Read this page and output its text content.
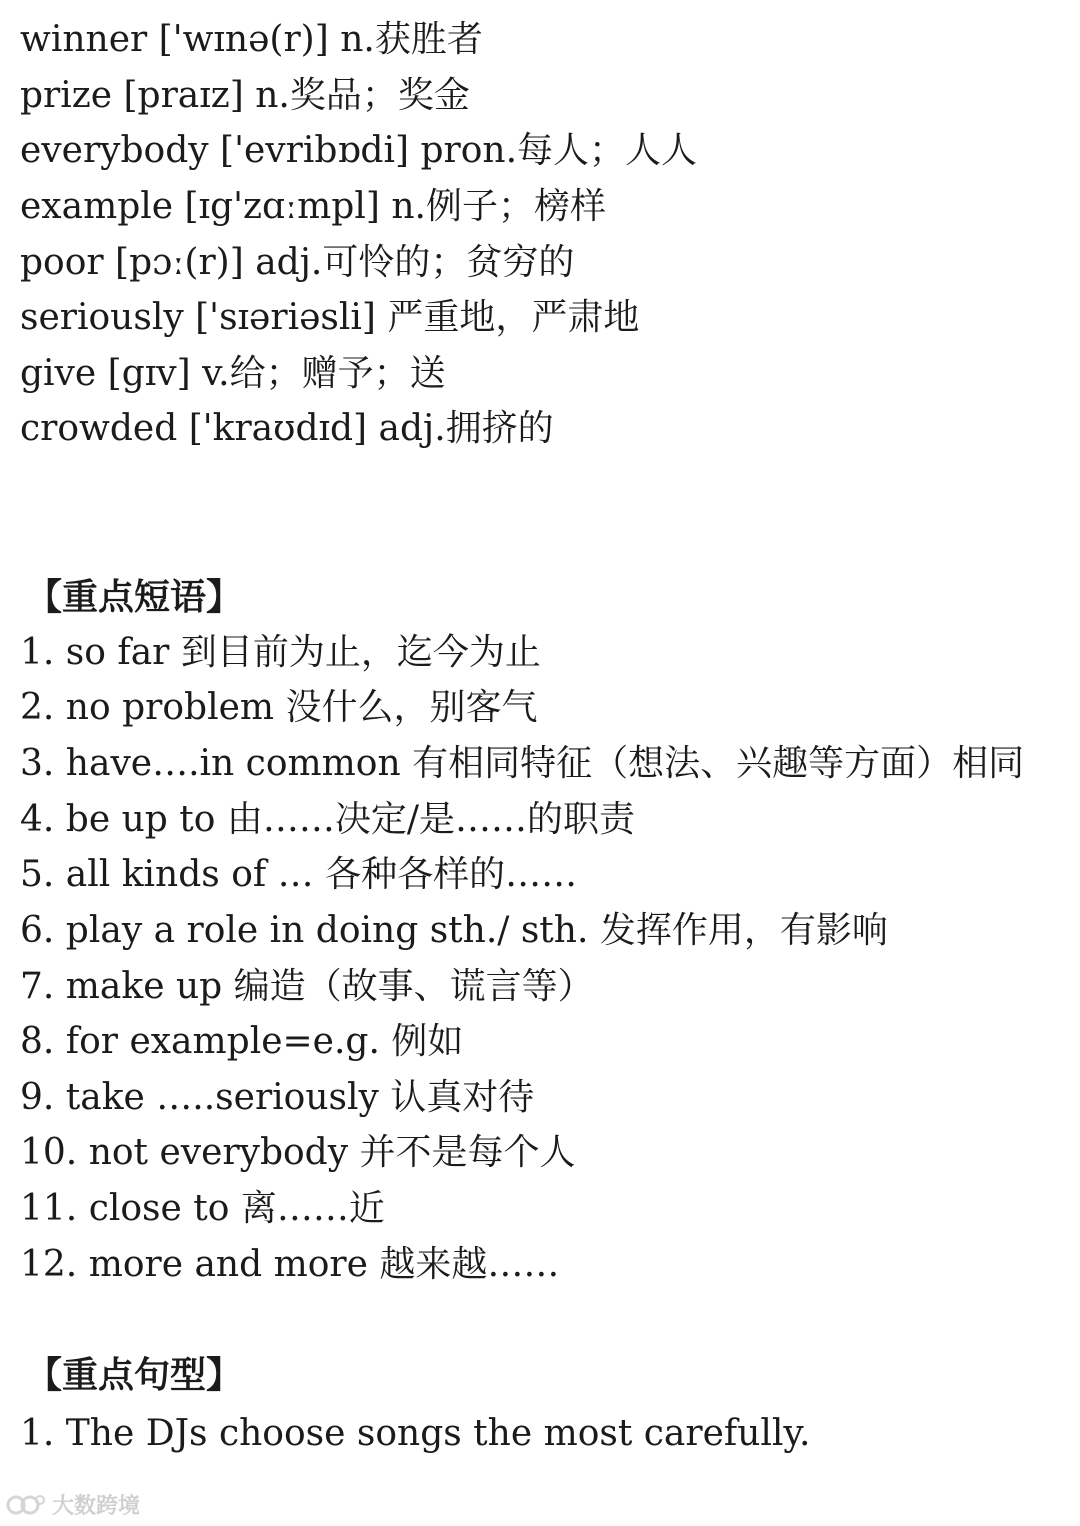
winner ['wɪnə(r)] n.获胜者
prize [praɪz] n.奖品；奖金
everybody ['evribɒdi] pron.每人；人人
example [ɪg'zɑːmpl] n.例子；榜样
poor [pɔː(r)] adj.可怜的；贫穷的
seriously ['sɪəriəsli] 严重地，严肃地
give [gɪv] v.给；赠予；送
crowded ['kraʊdɪd] adj.拥挤的
【重点短语】
1. so far 到目前为止，迄今为止
2. no problem 没什么，别客气
3. have….in common 有相同特征（想法、兴趣等方面）相同
4. be up to 由……决定/是……的职责
5. all kinds of … 各种各样的……
6. play a role in doing sth./ sth. 发挥作用，有影响
7. make up 编造（故事、谎言等）
8. for example=e.g. 例如
9. take …..seriously 认真对待
10. not everybody 并不是每个人
11. close to 离……近
12. more and more 越来越……
【重点句型】
1. The DJs choose songs the most carefully.
大数跨境
